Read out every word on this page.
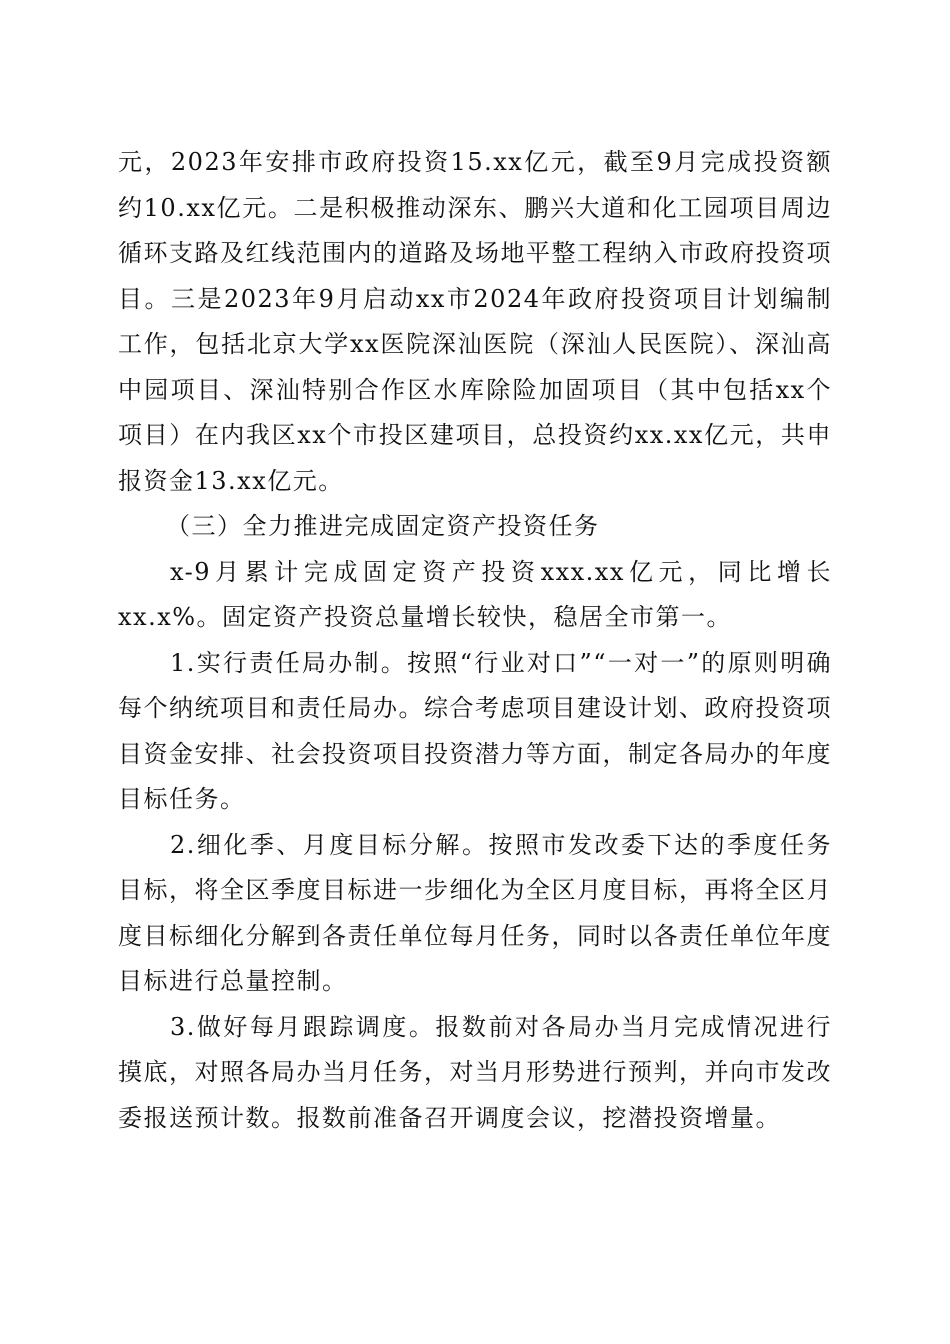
元，2023年安排市政府投资15.xx亿元，截至9月完成投资额约10.xx亿元。二是积极推动深东、鹏兴大道和化工园项目周边循环支路及红线范围内的道路及场地平整工程纳入市政府投资项目。三是2023年9月启动xx市2024年政府投资项目计划编制工作，包括北京大学xx医院深汕医院（深汕人民医院）、深汕高中园项目、深汕特别合作区水库除险加固项目（其中包括xx个项目）在内我区xx个市投区建项目，总投资约xx.xx亿元，共申报资金13.xx亿元。

（三）全力推进完成固定资产投资任务

x-9月累计完成固定资产投资xxx.xx亿元，同比增长xx.x%。固定资产投资总量增长较快，稳居全市第一。

1.实行责任局办制。按照“行业对口”“一对一”的原则明确每个纳统项目和责任局办。综合考虑项目建设计划、政府投资项目资金安排、社会投资项目投资潜力等方面，制定各局办的年度目标任务。

2.细化季、月度目标分解。按照市发改委下达的季度任务目标，将全区季度目标进一步细化为全区月度目标，再将全区月度目标细化分解到各责任单位每月任务，同时以各责任单位年度目标进行总量控制。

3.做好每月跟踪调度。报数前对各局办当月完成情况进行摸底，对照各局办当月任务，对当月形势进行预判，并向市发改委报送预计数。报数前准备召开调度会议，挖潜投资增量。
